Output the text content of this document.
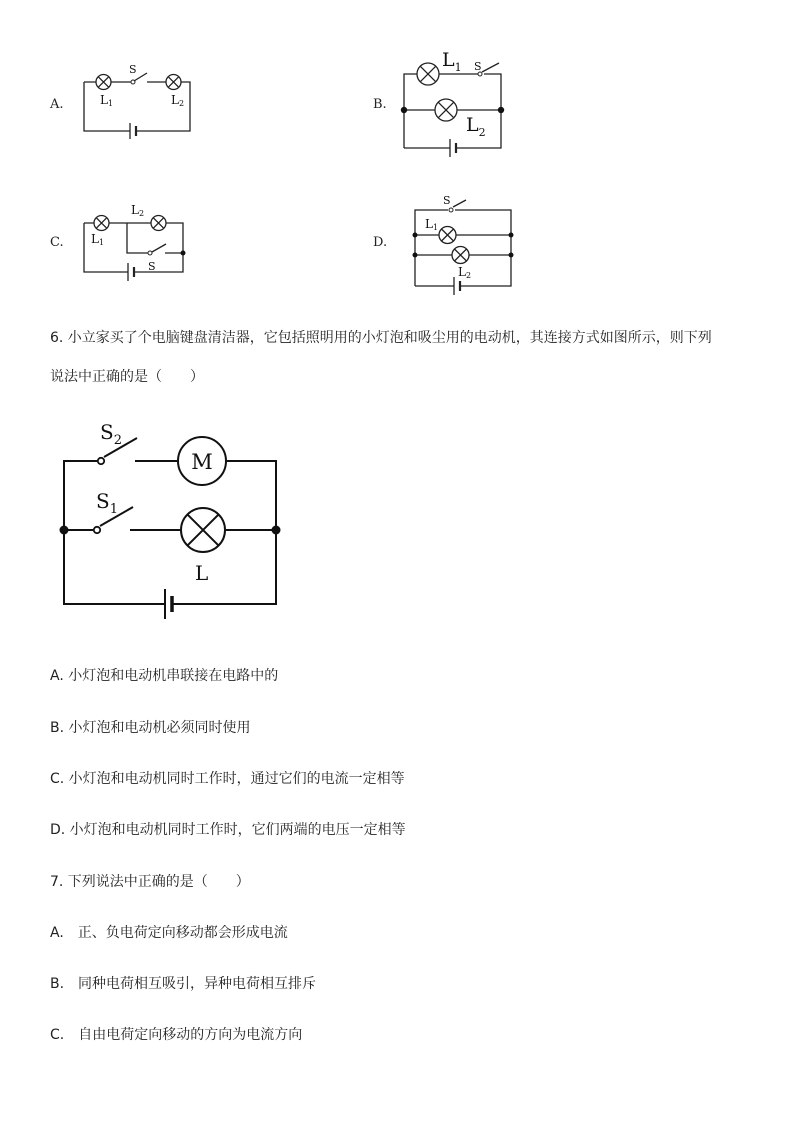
A.
S
L1	L2	B.
$L_1$ S
$L_2$
C. L1
L2
S
D.
S
L1
L2
6. 小立家买了个电脑键盘清洁器，它包括照明用的小灯泡和吸尘用的电动机，其连接方式如图所示，则下列
说法中正确的是（　　）
M
$S_2$
$S_1$
L
A. 小灯泡和电动机串联接在电路中的
B. 小灯泡和电动机必须同时使用
C. 小灯泡和电动机同时工作时，通过它们的电流一定相等
D. 小灯泡和电动机同时工作时，它们两端的电压一定相等
7. 下列说法中正确的是（　　）
A.　正、负电荷定向移动都会形成电流
B.　同种电荷相互吸引，异种电荷相互排斥
C.　自由电荷定向移动的方向为电流方向
